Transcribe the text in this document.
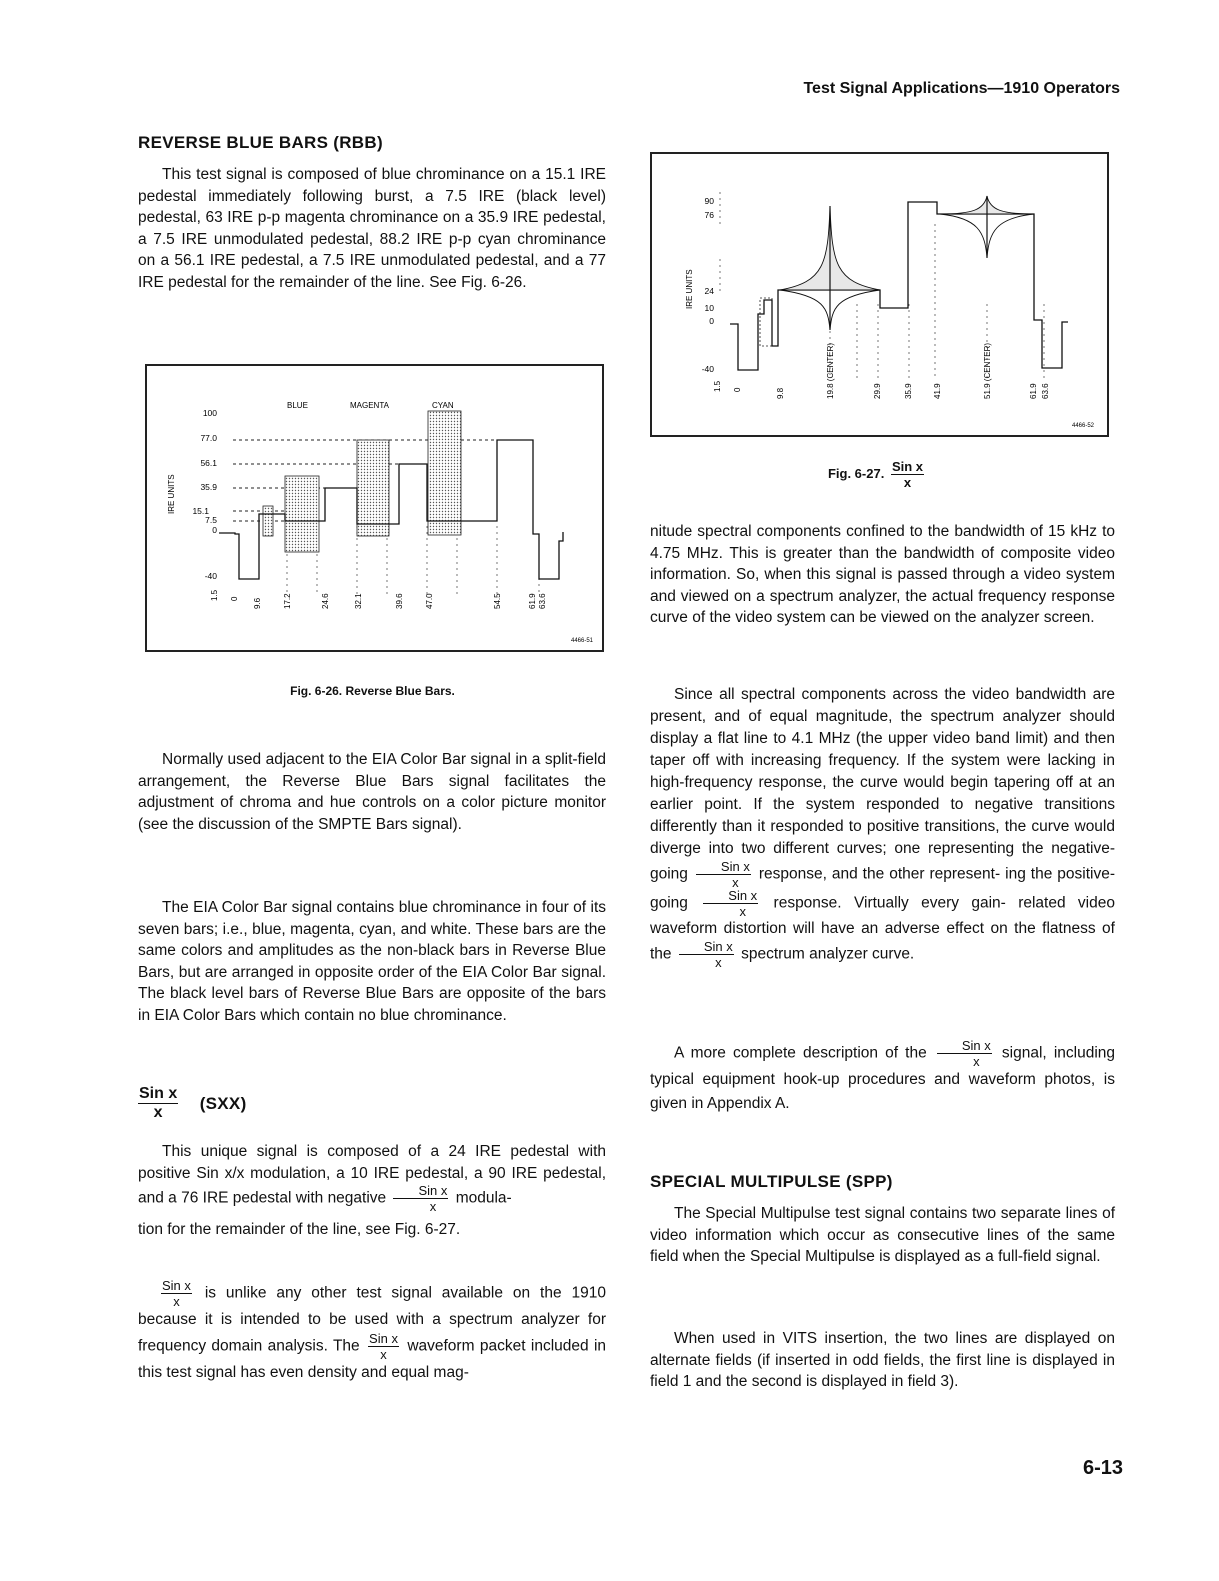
Test Signal Applications—1910 Operators
REVERSE BLUE BARS (RBB)
This test signal is composed of blue chrominance on a 15.1 IRE pedestal immediately following burst, a 7.5 IRE (black level) pedestal, 63 IRE p-p magenta chrominance on a 35.9 IRE pedestal, a 7.5 IRE unmodulated pedestal, 88.2 IRE p-p cyan chrominance on a 56.1 IRE pedestal, a 7.5 IRE unmodulated pedestal, and a 77 IRE pedestal for the remainder of the line. See Fig. 6-26.
BLUE	MAGENTA	CYAN
IRE UNITS
100
77.0
56.1
35.9
15.1
7.5
0
-40
1.5 0 9.6	17.2	24.6	32.1	39.6	47.0	54.5	61.9 63.6
4466-51
Fig. 6-26. Reverse Blue Bars.
Normally used adjacent to the EIA Color Bar signal in a split-field arrangement, the Reverse Blue Bars signal facilitates the adjustment of chroma and hue controls on a color picture monitor (see the discussion of the SMPTE Bars signal).
The EIA Color Bar signal contains blue chrominance in four of its seven bars; i.e., blue, magenta, cyan, and white. These bars are the same colors and amplitudes as the non-black bars in Reverse Blue Bars, but are arranged in opposite order of the EIA Color Bar signal. The black level bars of Reverse Blue Bars are opposite of the bars in EIA Color Bars which contain no blue chrominance.
$\frac{\text{Sin x}}{x} (SXX)$
This unique signal is composed of a 24 IRE pedestal with positive Sin x/x modulation, a 10 IRE pedestal, a 90 IRE pedestal, and a 76 IRE pedestal with negative $\frac{\text{Sin x}}{x}$ modula-
tion for the remainder of the line, see Fig. 6-27.
$\frac{\text{Sin x}}{x}$ is unlike any other test signal available on the 1910 because it is intended to be used with a spectrum analyzer for frequency domain analysis. The $\frac{\text{Sin x}}{x}$ waveform packet included in this test signal has even density and equal mag-
IRE UNITS
90
76
24
10
0
-40
1.5 0	9.8	19.8 (CENTER)	29.9	35.9	41.9	51.9 (CENTER)	61.9 63.6
4466-52
Fig. 6-27. $\frac{\text{Sin x}}{x}$
nitude spectral components confined to the bandwidth of 15 kHz to 4.75 MHz. This is greater than the bandwidth of composite video information. So, when this signal is passed through a video system and viewed on a spectrum analyzer, the actual frequency response curve of the video system can be viewed on the analyzer screen.
Since all spectral components across the video bandwidth are present, and of equal magnitude, the spectrum analyzer should display a flat line to 4.1 MHz (the upper video band limit) and then taper off with increasing frequency. If the system were lacking in high-frequency response, the curve would begin tapering off at an earlier point. If the system responded to negative transitions differently than it responded to positive transitions, the curve would diverge into two different curves; one representing the negative-going $\frac{\text{Sin x}}{x}$ response, and the other represent- ing the positive-going $\frac{\text{Sin x}}{x}$ response. Virtually every gain- related video waveform distortion will have an adverse effect on the flatness of the $\frac{\text{Sin x}}{x}$ spectrum analyzer curve.
A more complete description of the $\frac{\text{Sin x}}{x}$ signal, including typical equipment hook-up procedures and waveform photos, is given in Appendix A.
SPECIAL MULTIPULSE (SPP)
The Special Multipulse test signal contains two separate lines of video information which occur as consecutive lines of the same field when the Special Multipulse is displayed as a full-field signal.
When used in VITS insertion, the two lines are displayed on alternate fields (if inserted in odd fields, the first line is displayed in field 1 and the second is displayed in field 3).
6-13
